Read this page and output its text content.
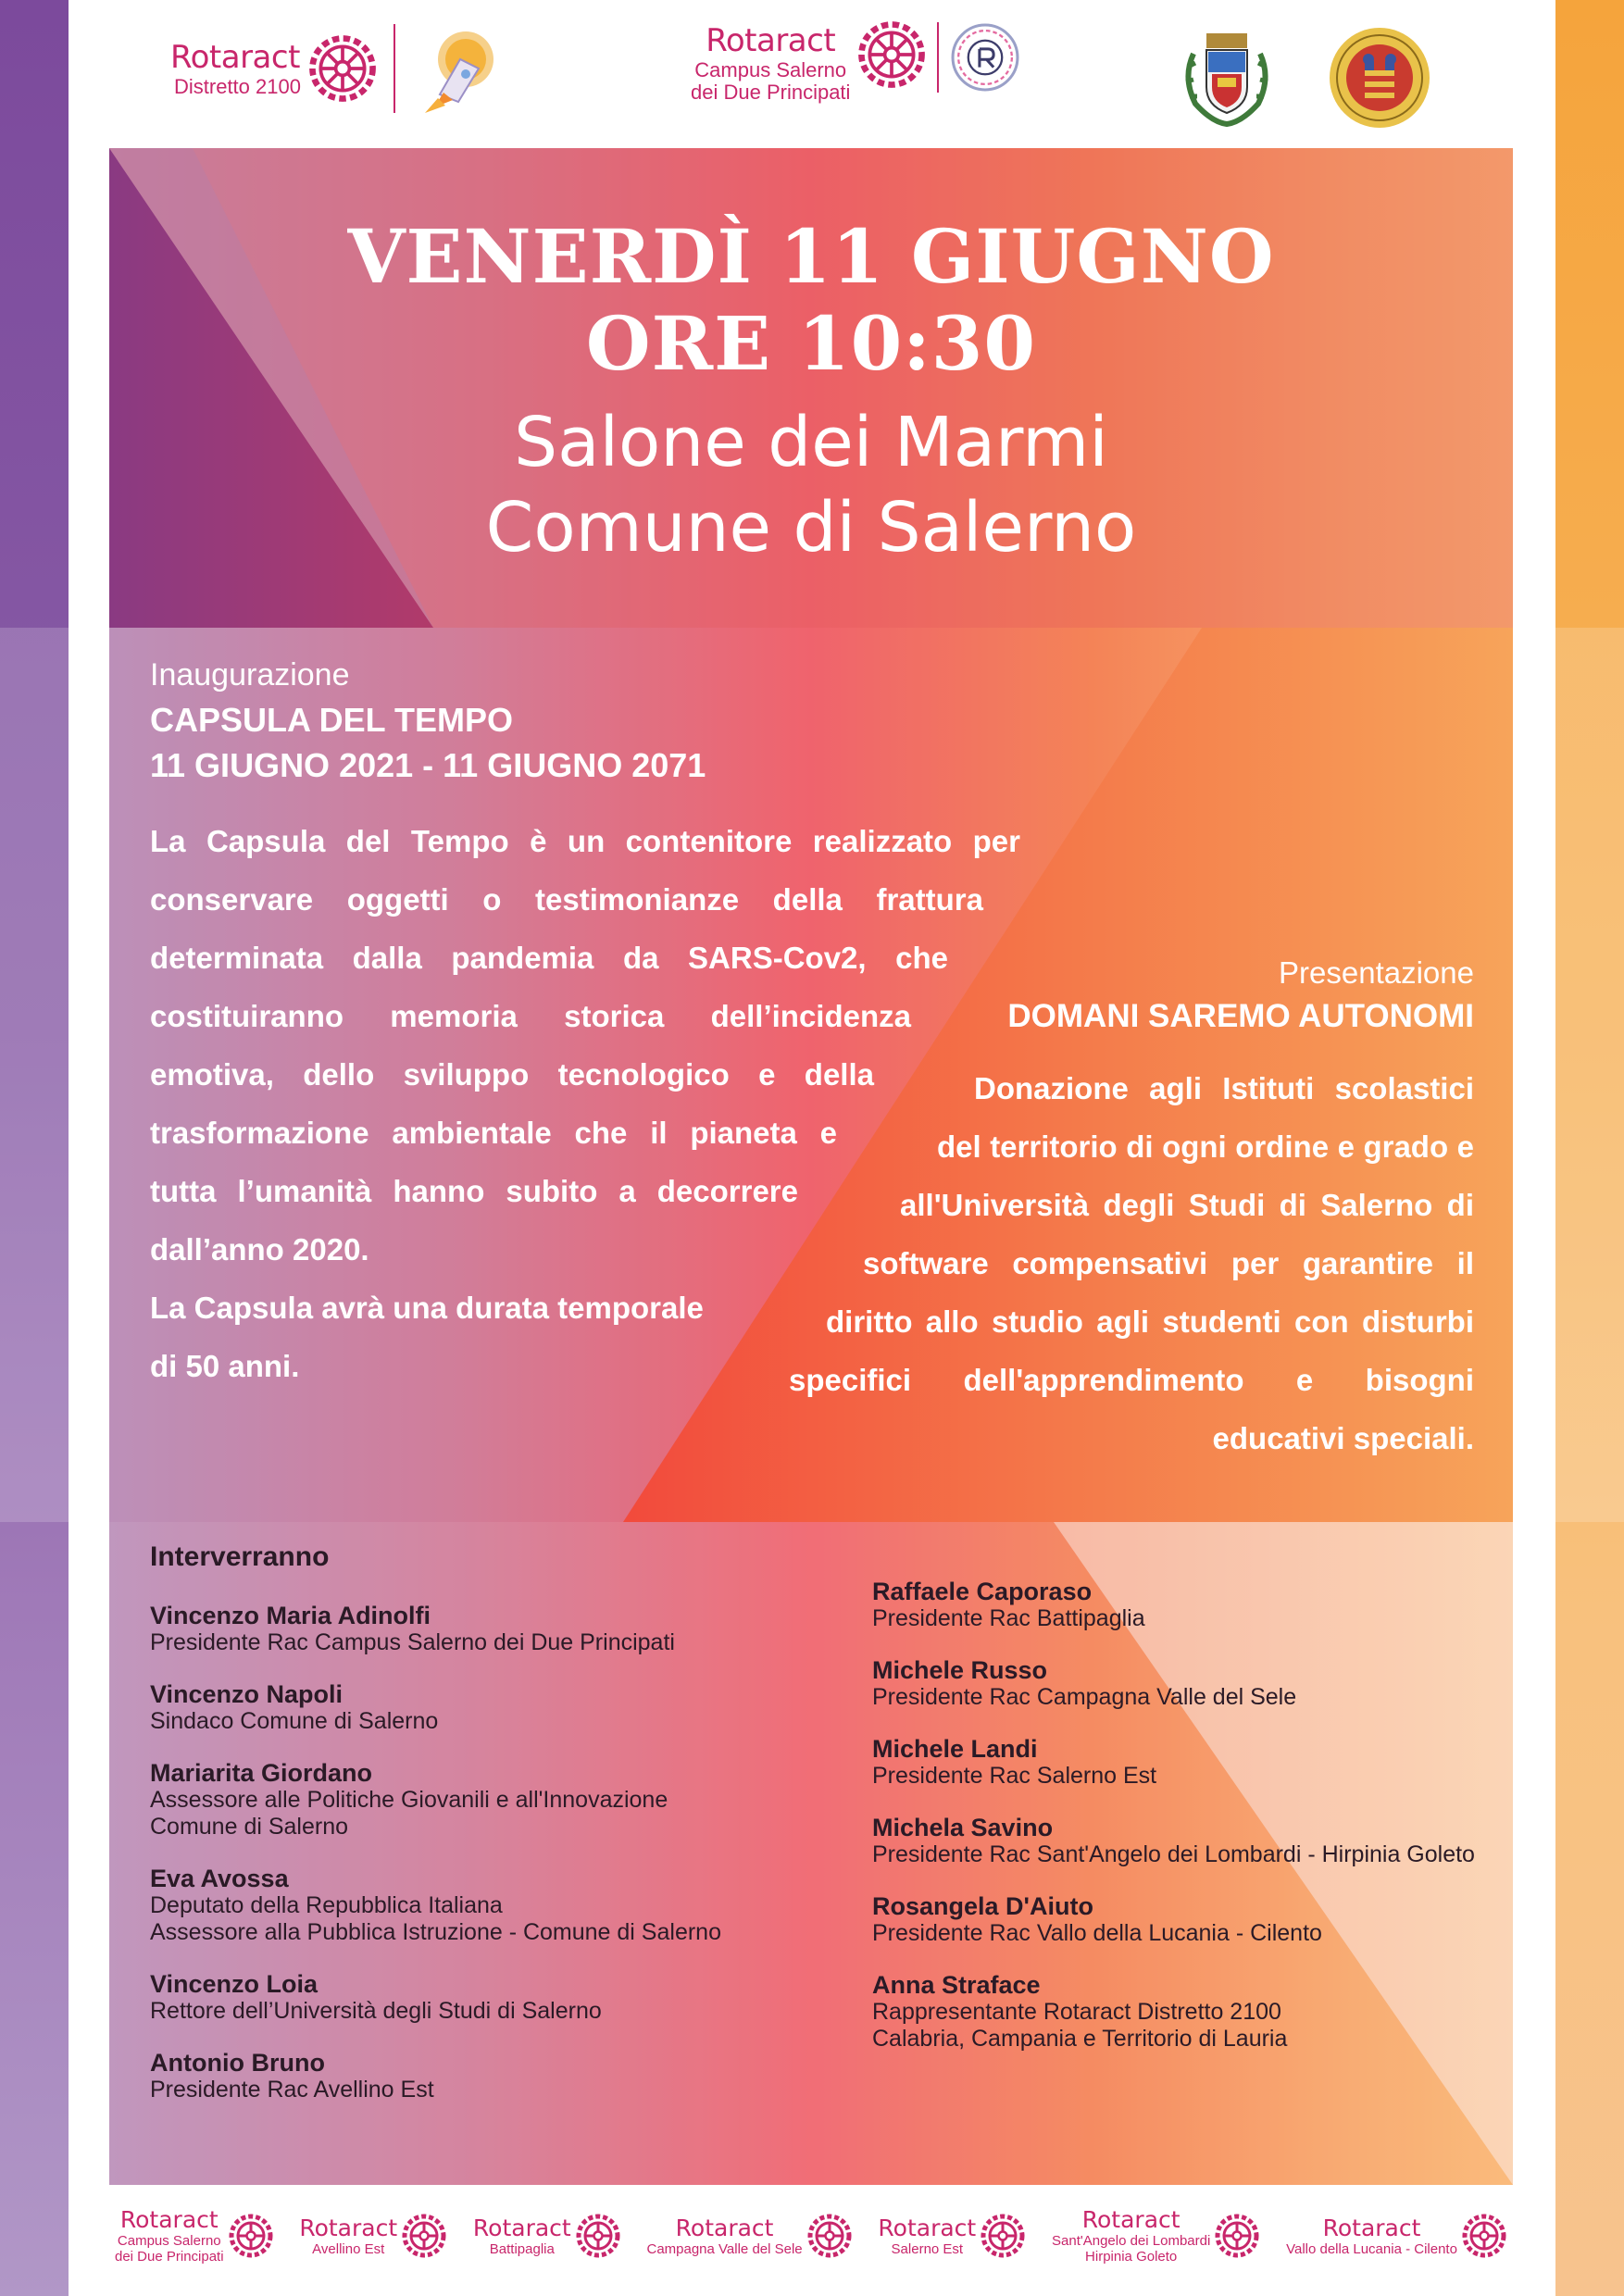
Rotaract
Distretto 2100
Rotaract
Campus Salerno
dei Due Principati
VENERDÌ 11 GIUGNO
ORE 10:30
Salone dei Marmi
Comune di Salerno
Inaugurazione
CAPSULA DEL TEMPO
11 GIUGNO 2021 - 11 GIUGNO 2071
La Capsula del Tempo è un contenitore realizzato per
conservare oggetti o testimonianze della frattura
determinata dalla pandemia da SARS-Cov2, che
costituiranno memoria storica dell’incidenza
emotiva, dello sviluppo tecnologico e della
trasformazione ambientale che il pianeta e
tutta l’umanità hanno subito a decorrere
dall’anno 2020.
La Capsula avrà una durata temporale
di 50 anni.
Presentazione
DOMANI SAREMO AUTONOMI
Donazione agli Istituti scolastici
del territorio di ogni ordine e grado e
all'Università degli Studi di Salerno di
software compensativi per garantire il
diritto allo studio agli studenti con disturbi
specifici dell'apprendimento e bisogni
educativi speciali.
Interverranno
Vincenzo Maria Adinolfi
Presidente Rac Campus Salerno dei Due Principati
Vincenzo Napoli
Sindaco Comune di Salerno
Mariarita Giordano
Assessore alle Politiche Giovanili e all'Innovazione
Comune di Salerno
Eva Avossa
Deputato della Repubblica Italiana
Assessore alla Pubblica Istruzione - Comune di Salerno
Vincenzo Loia
Rettore dell’Università degli Studi di Salerno
Antonio Bruno
Presidente Rac Avellino Est
Raffaele Caporaso
Presidente Rac Battipaglia
Michele Russo
Presidente Rac Campagna Valle del Sele
Michele Landi
Presidente Rac Salerno Est
Michela Savino
Presidente Rac Sant'Angelo dei Lombardi - Hirpinia Goleto
Rosangela D'Aiuto
Presidente Rac Vallo della Lucania - Cilento
Anna Straface
Rappresentante Rotaract Distretto 2100
Calabria, Campania e Territorio di Lauria
Rotaract
Campus Salerno
dei Due Principati
Rotaract
Avellino Est
Rotaract
Battipaglia
Rotaract
Campagna Valle del Sele
Rotaract
Salerno Est
Rotaract
Sant'Angelo dei Lombardi
Hirpinia Goleto
Rotaract
Vallo della Lucania - Cilento
